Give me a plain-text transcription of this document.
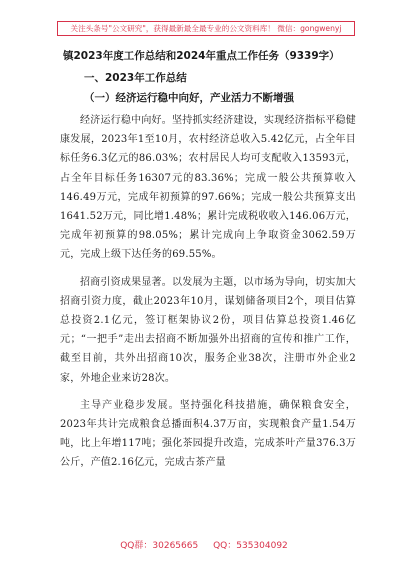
关注头条号"公文研究"，获得最新最全最专业的公文资料库！ 微信：gongwenyj
镇2023年度工作总结和2024年重点工作任务（9339字）
一、2023年工作总结
（一）经济运行稳中向好，产业活力不断增强

经济运行稳中向好。坚持抓实经济建设，实现经济指标平稳健康发展，2023年1至10月，农村经济总收入5.42亿元，占全年目标任务6.3亿元的86.03%；农村居民人均可支配收入13593元，占全年目标任务16307元的83.36%；完成一般公共预算收入146.49万元，完成年初预算的97.66%；完成一般公共预算支出1641.52万元，同比增1.48%；累计完成税收收入146.06万元，完成年初预算的98.05%；累计完成向上争取资金3062.59万元，完成上级下达任务的69.55%。

招商引资成果显著。以发展为主题，以市场为导向，切实加大招商引资力度，截止2023年10月，谋划储备项目2个，项目估算总投资2.1亿元，签订框架协议2份，项目估算总投资1.46亿元；“一把手”走出去招商不断加强外出招商的宣传和推广工作，截至目前，共外出招商10次，服务企业38次，注册市外企业2家，外地企业来访28次。

主导产业稳步发展。坚持强化科技措施，确保粮食安全，2023年共计完成粮食总播面积4.37万亩，实现粮食产量1.54万吨，比上年增117吨；强化茶园提升改造，完成茶叶产量376.3万公斤，产值2.16亿元，完成古茶产量

QQ群：30265665 QQ：535304092
